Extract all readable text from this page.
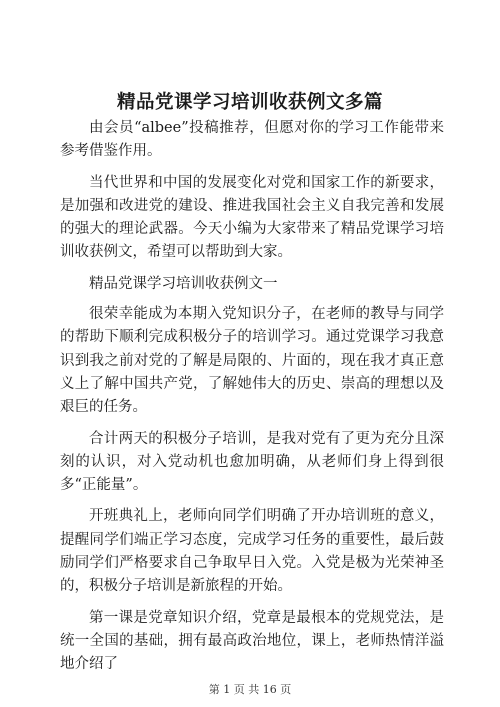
精品党课学习培训收获例文多篇

由会员“albee”投稿推荐，但愿对你的学习工作能带来参考借鉴作用。

当代世界和中国的发展变化对党和国家工作的新要求，是加强和改进党的建设、推进我国社会主义自我完善和发展的强大的理论武器。今天小编为大家带来了精品党课学习培训收获例文，希望可以帮助到大家。

精品党课学习培训收获例文一

很荣幸能成为本期入党知识分子，在老师的教导与同学的帮助下顺利完成积极分子的培训学习。通过党课学习我意识到我之前对党的了解是局限的、片面的，现在我才真正意义上了解中国共产党，了解她伟大的历史、崇高的理想以及艰巨的任务。

合计两天的积极分子培训，是我对党有了更为充分且深刻的认识，对入党动机也愈加明确，从老师们身上得到很多“正能量”。

开班典礼上，老师向同学们明确了开办培训班的意义，提醒同学们端正学习态度，完成学习任务的重要性，最后鼓励同学们严格要求自己争取早日入党。入党是极为光荣神圣的，积极分子培训是新旅程的开始。

第一课是党章知识介绍，党章是最根本的党规党法，是统一全国的基础，拥有最高政治地位，课上，老师热情洋溢地介绍了

第 1 页 共 16 页
